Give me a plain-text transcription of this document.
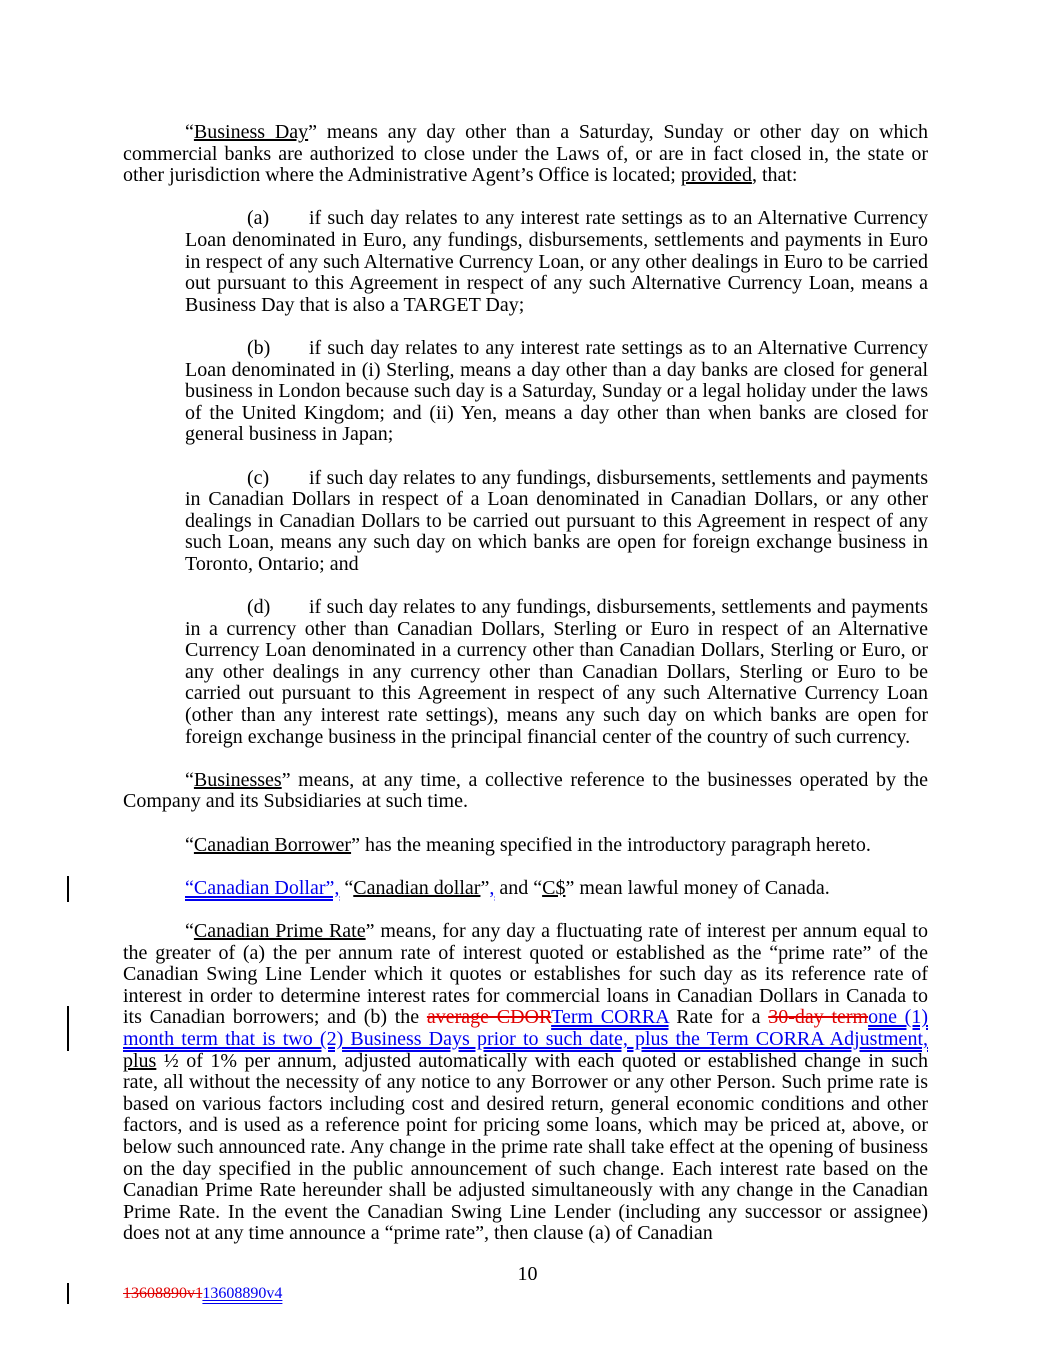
“Business Day” means any day other than a Saturday, Sunday or other day on which commercial banks are authorized to close under the Laws of, or are in fact closed in, the state or other jurisdiction where the Administrative Agent’s Office is located; provided, that:

(a) if such day relates to any interest rate settings as to an Alternative Currency Loan denominated in Euro, any fundings, disbursements, settlements and payments in Euro in respect of any such Alternative Currency Loan, or any other dealings in Euro to be carried out pursuant to this Agreement in respect of any such Alternative Currency Loan, means a Business Day that is also a TARGET Day;

(b) if such day relates to any interest rate settings as to an Alternative Currency Loan denominated in (i) Sterling, means a day other than a day banks are closed for general business in London because such day is a Saturday, Sunday or a legal holiday under the laws of the United Kingdom; and (ii) Yen, means a day other than when banks are closed for general business in Japan;

(c) if such day relates to any fundings, disbursements, settlements and payments in Canadian Dollars in respect of a Loan denominated in Canadian Dollars, or any other dealings in Canadian Dollars to be carried out pursuant to this Agreement in respect of any such Loan, means any such day on which banks are open for foreign exchange business in Toronto, Ontario; and

(d) if such day relates to any fundings, disbursements, settlements and payments in a currency other than Canadian Dollars, Sterling or Euro in respect of an Alternative Currency Loan denominated in a currency other than Canadian Dollars, Sterling or Euro, or any other dealings in any currency other than Canadian Dollars, Sterling or Euro to be carried out pursuant to this Agreement in respect of any such Alternative Currency Loan (other than any interest rate settings), means any such day on which banks are open for foreign exchange business in the principal financial center of the country of such currency.

“Businesses” means, at any time, a collective reference to the businesses operated by the Company and its Subsidiaries at such time.

“Canadian Borrower” has the meaning specified in the introductory paragraph hereto.

“Canadian Dollar”, “Canadian dollar”, and “C$” mean lawful money of Canada.

“Canadian Prime Rate” means, for any day a fluctuating rate of interest per annum equal to the greater of (a) the per annum rate of interest quoted or established as the “prime rate” of the Canadian Swing Line Lender which it quotes or establishes for such day as its reference rate of interest in order to determine interest rates for commercial loans in Canadian Dollars in Canada to its Canadian borrowers; and (b) the average CDORTerm CORRA Rate for a 30-day termone (1) month term that is two (2) Business Days prior to such date, plus the Term CORRA Adjustment, plus ½ of 1% per annum, adjusted automatically with each quoted or established change in such rate, all without the necessity of any notice to any Borrower or any other Person. Such prime rate is based on various factors including cost and desired return, general economic conditions and other factors, and is used as a reference point for pricing some loans, which may be priced at, above, or below such announced rate. Any change in the prime rate shall take effect at the opening of business on the day specified in the public announcement of such change. Each interest rate based on the Canadian Prime Rate hereunder shall be adjusted simultaneously with any change in the Canadian Prime Rate. In the event the Canadian Swing Line Lender (including any successor or assignee) does not at any time announce a “prime rate”, then clause (a) of Canadian

10
13608890v113608890v4
